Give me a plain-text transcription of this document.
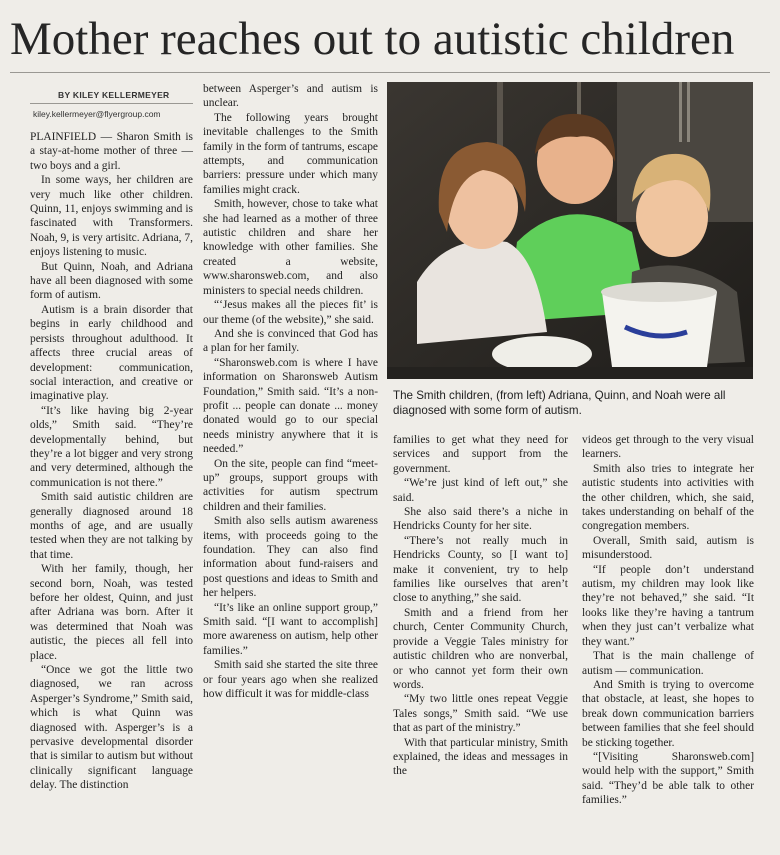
Mother reaches out to autistic children
BY KILEY KELLERMEYER
kiley.kellermeyer@flyergroup.com

PLAINFIELD — Sharon Smith is a stay-at-home mother of three — two boys and a girl.

In some ways, her children are very much like other children. Quinn, 11, enjoys swimming and is fascinated with Transformers. Noah, 9, is very artisitc. Adriana, 7, enjoys listening to music.

But Quinn, Noah, and Adriana have all been diagnosed with some form of autism.

Autism is a brain disorder that begins in early childhood and persists throughout adulthood. It affects three crucial areas of development: communication, social interaction, and creative or imaginative play.

“It’s like having big 2-year olds,” Smith said. “They’re developmentally behind, but they’re a lot bigger and very strong and very determined, although the communication is not there.”

Smith said autistic children are generally diagnosed around 18 months of age, and are usually tested when they are not talking by that time.

With her family, though, her second born, Noah, was tested before her oldest, Quinn, and just after Adriana was born. After it was determined that Noah was autistic, the pieces all fell into place.

“Once we got the little two diagnosed, we ran across Asperger’s Syndrome,” Smith said, which is what Quinn was diagnosed with. Asperger’s is a pervasive developmental disorder that is similar to autism but without clinically significant language delay. The distinction

between Asperger’s and autism is unclear.

The following years brought inevitable challenges to the Smith family in the form of tantrums, escape attempts, and communication barriers: pressure under which many families might crack.

Smith, however, chose to take what she had learned as a mother of three autistic children and share her knowledge with other families. She created a website, www.sharonsweb.com, and also ministers to special needs children.

“‘Jesus makes all the pieces fit’ is our theme (of the website),” she said.

And she is convinced that God has a plan for her family.

“Sharonsweb.com is where I have information on Sharonsweb Autism Foundation,” Smith said. “It’s a non-profit ... people can donate ... money donated would go to our special needs ministry anywhere that it is needed.”

On the site, people can find “meet-up” groups, support groups with activities for autism spectrum children and their families.

Smith also sells autism awareness items, with proceeds going to the foundation. They can also find information about fund-raisers and post questions and ideas to Smith and her helpers.

“It’s like an online support group,” Smith said. “[I want to accomplish] more awareness on autism, help other families.”

Smith said she started the site three or four years ago when she realized how difficult it was for middle-class

The Smith children, (from left) Adriana, Quinn, and Noah were all diagnosed with some form of autism.

families to get what they need for services and support from the government.

“We’re just kind of left out,” she said.

She also said there’s a niche in Hendricks County for her site.

“There’s not really much in Hendricks County, so [I want to] make it convenient, try to help families like ourselves that aren’t close to anything,” she said.

Smith and a friend from her church, Center Community Church, provide a Veggie Tales ministry for autistic children who are nonverbal, or who cannot yet form their own words.

“My two little ones repeat Veggie Tales songs,” Smith said. “We use that as part of the ministry.”

With that particular ministry, Smith explained, the ideas and messages in the

videos get through to the very visual learners.

Smith also tries to integrate her autistic students into activities with the other children, which, she said, takes understanding on behalf of the congregation members.

Overall, Smith said, autism is misunderstood.

“If people don’t understand autism, my children may look like they’re not behaved,” she said. “It looks like they’re having a tantrum when they just can’t verbalize what they want.”

That is the main challenge of autism — communication.

And Smith is trying to overcome that obstacle, at least, she hopes to break down communication barriers between families that she feel should be sticking together.

“[Visiting Sharonsweb.com] would help with the support,” Smith said. “They’d be able talk to other families.”
